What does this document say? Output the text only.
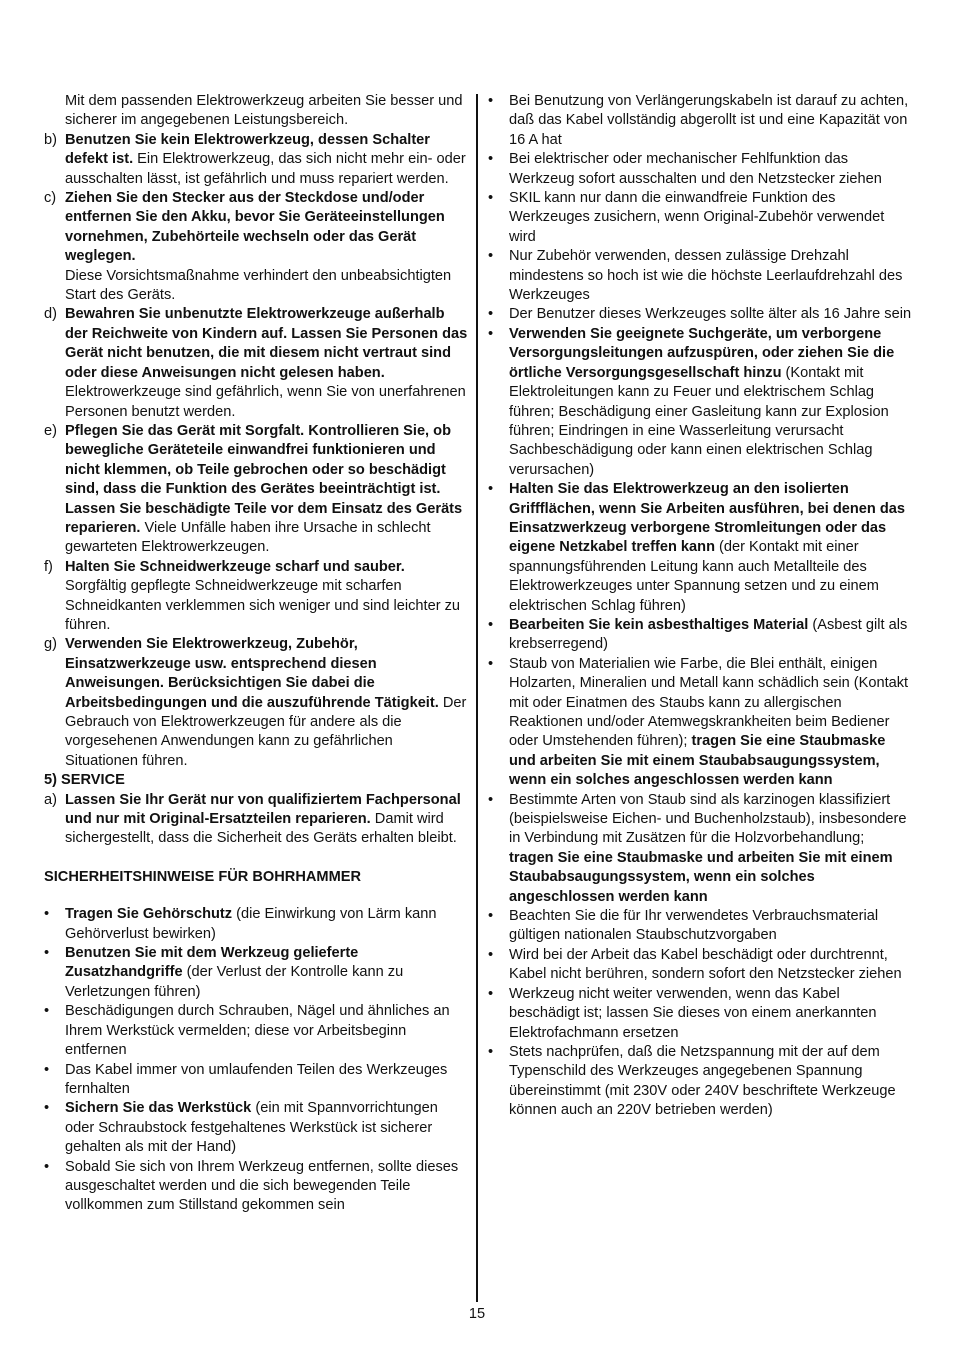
Mit dem passenden Elektrowerkzeug arbeiten Sie besser und sicherer im angegebenen Leistungsbereich.
b) Benutzen Sie kein Elektrowerkzeug, dessen Schalter defekt ist. Ein Elektrowerkzeug, das sich nicht mehr ein- oder ausschalten lässt, ist gefährlich und muss repariert werden.
c) Ziehen Sie den Stecker aus der Steckdose und/oder entfernen Sie den Akku, bevor Sie Geräteeinstellungen vornehmen, Zubehörteile wechseln oder das Gerät weglegen.
Diese Vorsichtsmaßnahme verhindert den unbeabsichtigten Start des Geräts.
d) Bewahren Sie unbenutzte Elektrowerkzeuge außerhalb der Reichweite von Kindern auf. Lassen Sie Personen das Gerät nicht benutzen, die mit diesem nicht vertraut sind oder diese Anweisungen nicht gelesen haben. Elektrowerkzeuge sind gefährlich, wenn Sie von unerfahrenen Personen benutzt werden.
e) Pflegen Sie das Gerät mit Sorgfalt. Kontrollieren Sie, ob bewegliche Geräteteile einwandfrei funktionieren und nicht klemmen, ob Teile gebrochen oder so beschädigt sind, dass die Funktion des Gerätes beeinträchtigt ist. Lassen Sie beschädigte Teile vor dem Einsatz des Geräts reparieren. Viele Unfälle haben ihre Ursache in schlecht gewarteten Elektrowerkzeugen.
f) Halten Sie Schneidwerkzeuge scharf und sauber. Sorgfältig gepflegte Schneidwerkzeuge mit scharfen Schneidkanten verklemmen sich weniger und sind leichter zu führen.
g) Verwenden Sie Elektrowerkzeug, Zubehör, Einsatzwerkzeuge usw. entsprechend diesen Anweisungen. Berücksichtigen Sie dabei die Arbeitsbedingungen und die auszuführende Tätigkeit. Der Gebrauch von Elektrowerkzeugen für andere als die vorgesehenen Anwendungen kann zu gefährlichen Situationen führen.
5) SERVICE
a) Lassen Sie Ihr Gerät nur von qualifiziertem Fachpersonal und nur mit Original-Ersatzteilen reparieren. Damit wird sichergestellt, dass die Sicherheit des Geräts erhalten bleibt.
SICHERHEITSHINWEISE FÜR BOHRHAMMER
•	Tragen Sie Gehörschutz (die Einwirkung von Lärm kann Gehörverlust bewirken)
•	Benutzen Sie mit dem Werkzeug gelieferte Zusatzhandgriffe (der Verlust der Kontrolle kann zu Verletzungen führen)
•	Beschädigungen durch Schrauben, Nägel und ähnliches an Ihrem Werkstück vermelden; diese vor Arbeitsbeginn entfernen
•	Das Kabel immer von umlaufenden Teilen des Werkzeuges fernhalten
•	Sichern Sie das Werkstück (ein mit Spannvorrichtungen oder Schraubstock festgehaltenes Werkstück ist sicherer gehalten als mit der Hand)
•	Sobald Sie sich von Ihrem Werkzeug entfernen, sollte dieses ausgeschaltet werden und die sich bewegenden Teile vollkommen zum Stillstand gekommen sein
•	Bei Benutzung von Verlängerungskabeln ist darauf zu achten, daß das Kabel vollständig abgerollt ist und eine Kapazität von 16 A hat
•	Bei elektrischer oder mechanischer Fehlfunktion das Werkzeug sofort ausschalten und den Netzstecker ziehen
•	SKIL kann nur dann die einwandfreie Funktion des Werkzeuges zusichern, wenn Original-Zubehör verwendet wird
•	Nur Zubehör verwenden, dessen zulässige Drehzahl mindestens so hoch ist wie die höchste Leerlaufdrehzahl des Werkzeuges
•	Der Benutzer dieses Werkzeuges sollte älter als 16 Jahre sein
•	Verwenden Sie geeignete Suchgeräte, um verborgene Versorgungsleitungen aufzuspüren, oder ziehen Sie die örtliche Versorgungsgesellschaft hinzu (Kontakt mit Elektroleitungen kann zu Feuer und elektrischem Schlag führen; Beschädigung einer Gasleitung kann zur Explosion führen; Eindringen in eine Wasserleitung verursacht Sachbeschädigung oder kann einen elektrischen Schlag verursachen)
•	Halten Sie das Elektrowerkzeug an den isolierten Griffflächen, wenn Sie Arbeiten ausführen, bei denen das Einsatzwerkzeug verborgene Stromleitungen oder das eigene Netzkabel treffen kann (der Kontakt mit einer spannungsführenden Leitung kann auch Metallteile des Elektrowerkzeuges unter Spannung setzen und zu einem elektrischen Schlag führen)
•	Bearbeiten Sie kein asbesthaltiges Material (Asbest gilt als krebserregend)
•	Staub von Materialien wie Farbe, die Blei enthält, einigen Holzarten, Mineralien und Metall kann schädlich sein (Kontakt mit oder Einatmen des Staubs kann zu allergischen Reaktionen und/oder Atemwegskrankheiten beim Bediener oder Umstehenden führen); tragen Sie eine Staubmaske und arbeiten Sie mit einem Staubabsaugungssystem, wenn ein solches angeschlossen werden kann
•	Bestimmte Arten von Staub sind als karzinogen klassifiziert (beispielsweise Eichen- und Buchenholzstaub), insbesondere in Verbindung mit Zusätzen für die Holzvorbehandlung; tragen Sie eine Staubmaske und arbeiten Sie mit einem Staubabsaugungssystem, wenn ein solches angeschlossen werden kann
•	Beachten Sie die für Ihr verwendetes Verbrauchsmaterial gültigen nationalen Staubschutzvorgaben
•	Wird bei der Arbeit das Kabel beschädigt oder durchtrennt, Kabel nicht berühren, sondern sofort den Netzstecker ziehen
•	Werkzeug nicht weiter verwenden, wenn das Kabel beschädigt ist; lassen Sie dieses von einem anerkannten Elektrofachmann ersetzen
•	Stets nachprüfen, daß die Netzspannung mit der auf dem Typenschild des Werkzeuges angegebenen Spannung übereinstimmt (mit 230V oder 240V beschriftete Werkzeuge können auch an 220V betrieben werden)
15
